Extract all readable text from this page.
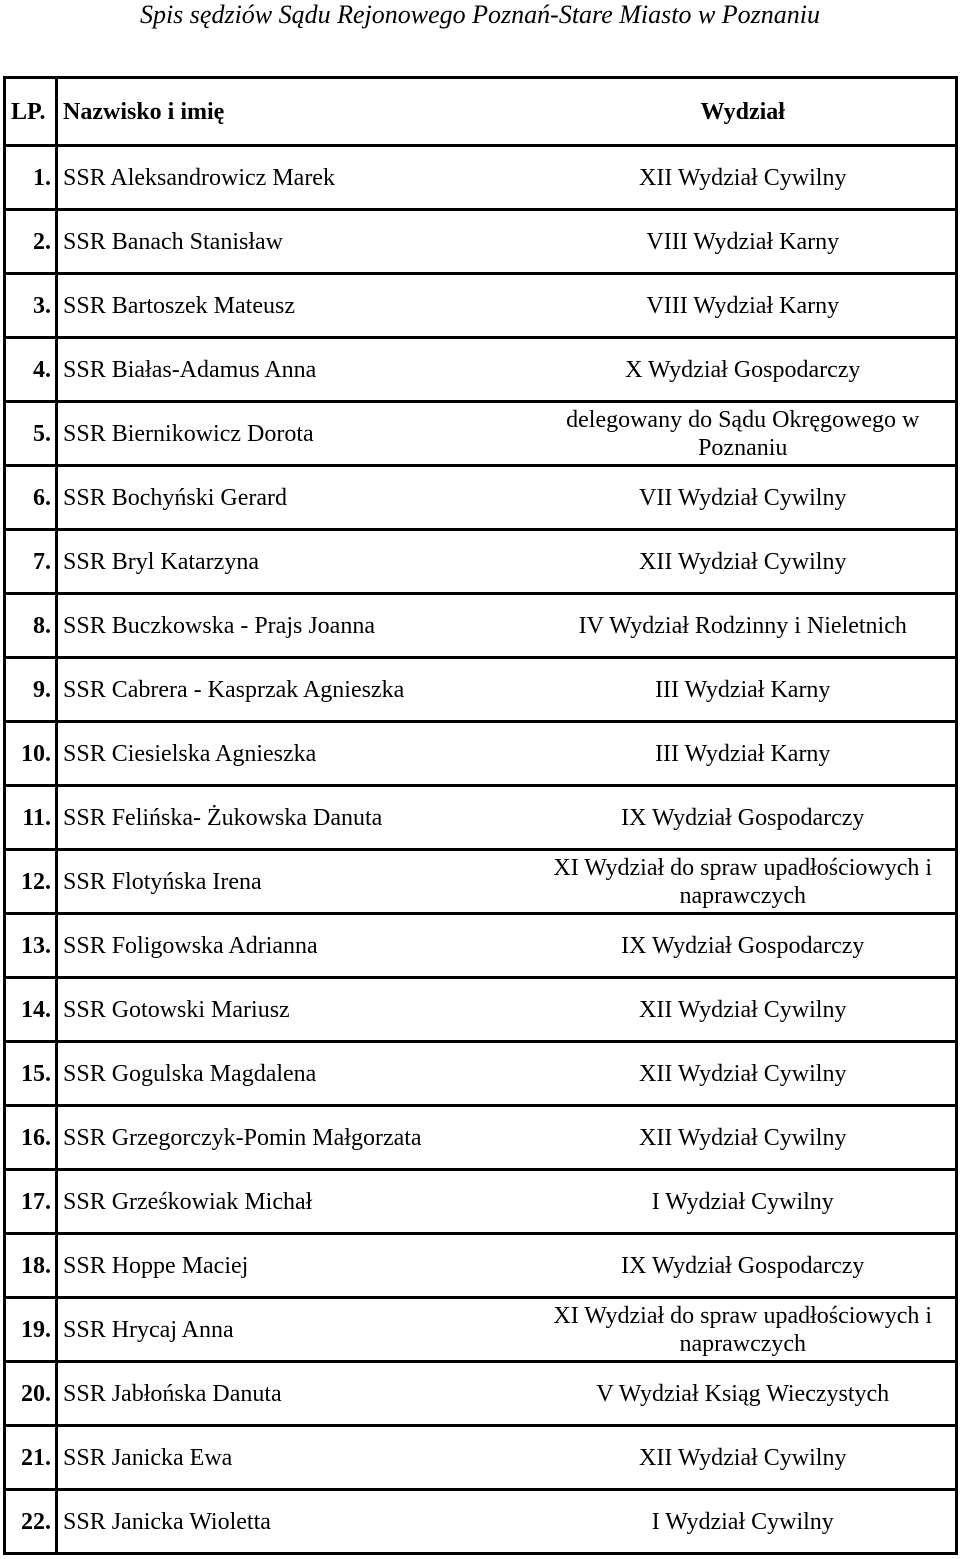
Spis sędziów Sądu Rejonowego Poznań-Stare Miasto w Poznaniu
LP.	Nazwisko i imię	Wydział
1.	SSR Aleksandrowicz Marek	XII Wydział Cywilny
2.	SSR Banach Stanisław	VIII Wydział Karny
3.	SSR Bartoszek Mateusz	VIII Wydział Karny
4.	SSR Białas-Adamus Anna	X Wydział Gospodarczy
5.	SSR Biernikowicz Dorota	delegowany do Sądu Okręgowego w Poznaniu
6.	SSR Bochyński Gerard	VII Wydział Cywilny
7.	SSR Bryl Katarzyna	XII Wydział Cywilny
8.	SSR Buczkowska - Prajs Joanna	IV Wydział Rodzinny i Nieletnich
9.	SSR Cabrera - Kasprzak Agnieszka	III Wydział Karny
10.	SSR Ciesielska Agnieszka	III Wydział Karny
11.	SSR Felińska- Żukowska Danuta	IX Wydział Gospodarczy
12.	SSR Flotyńska Irena	XI Wydział do spraw upadłościowych i naprawczych
13.	SSR Foligowska Adrianna	IX Wydział Gospodarczy
14.	SSR Gotowski Mariusz	XII Wydział Cywilny
15.	SSR Gogulska Magdalena	XII Wydział Cywilny
16.	SSR Grzegorczyk-Pomin Małgorzata	XII Wydział Cywilny
17.	SSR Grześkowiak Michał	I Wydział Cywilny
18.	SSR Hoppe Maciej	IX Wydział Gospodarczy
19.	SSR Hrycaj Anna	XI Wydział do spraw upadłościowych i naprawczych
20.	SSR Jabłońska Danuta	V Wydział Ksiąg Wieczystych
21.	SSR Janicka Ewa	XII Wydział Cywilny
22.	SSR Janicka Wioletta	I Wydział Cywilny
